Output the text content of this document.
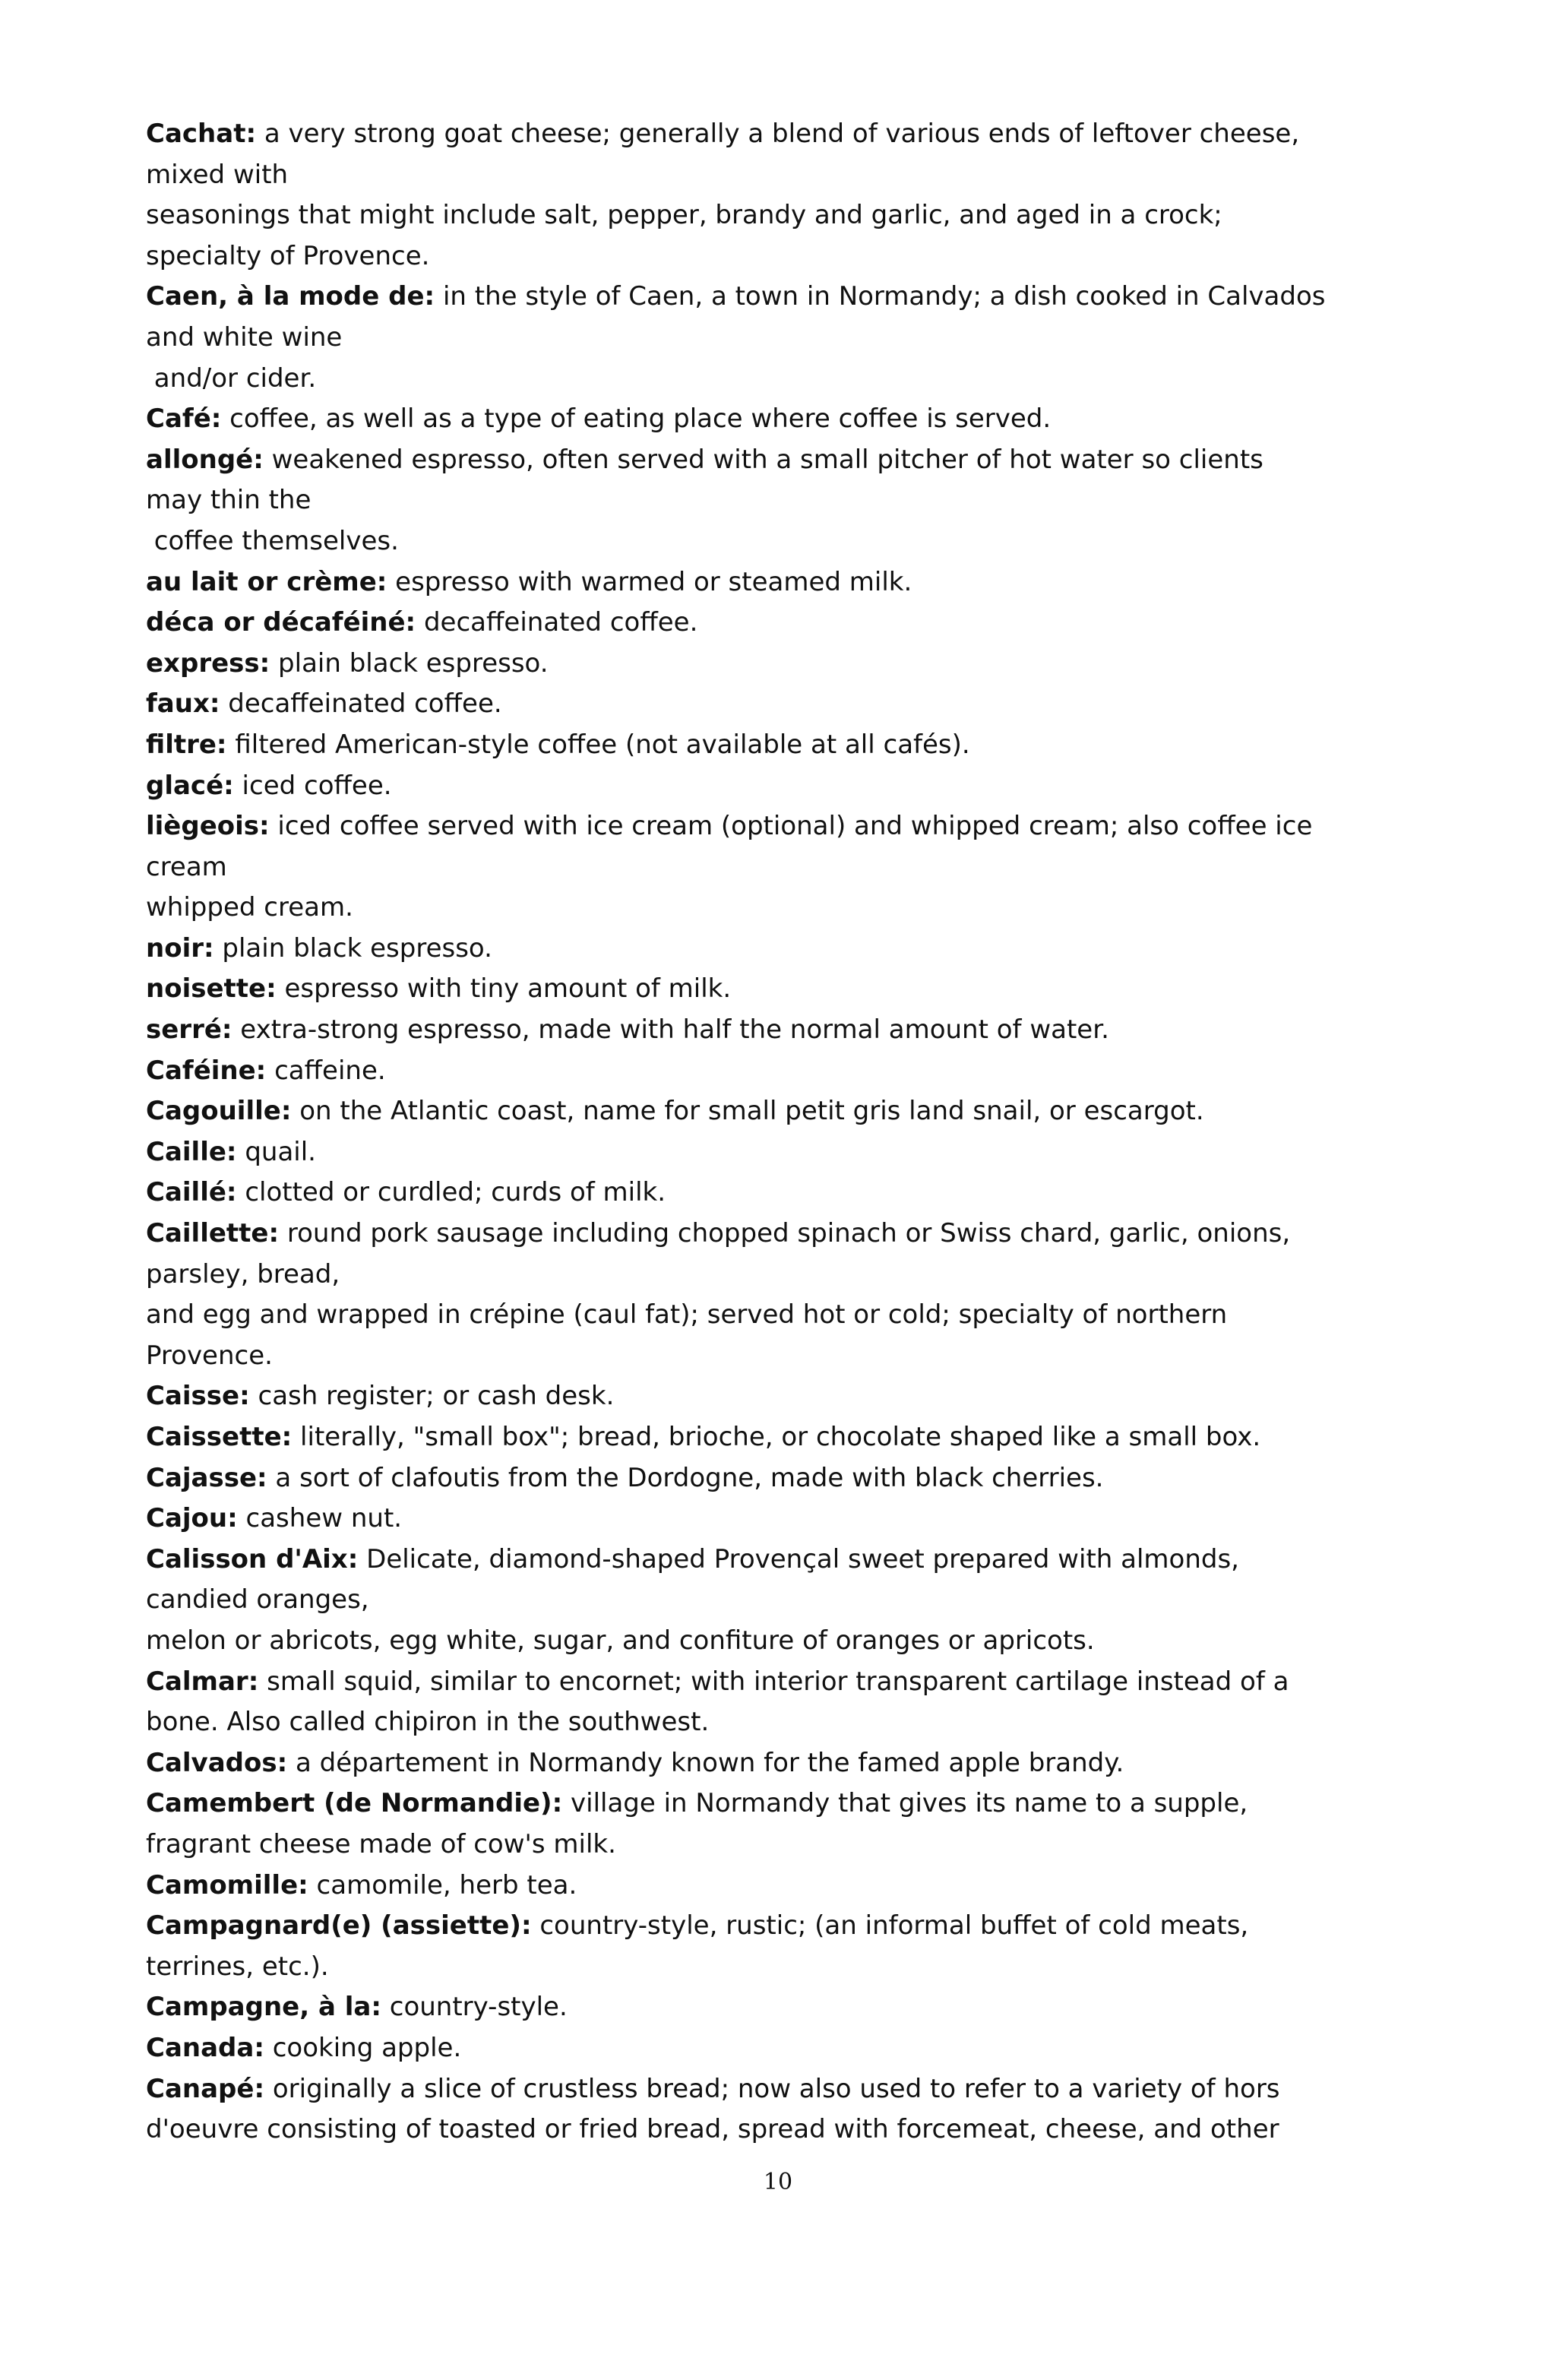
Cachat: a very strong goat cheese; generally a blend of various ends of leftover cheese,
mixed with
seasonings that might include salt, pepper, brandy and garlic, and aged in a crock;
specialty of Provence.
Caen, à la mode de: in the style of Caen, a town in Normandy; a dish cooked in Calvados
and white wine
and/or cider.
Café: coffee, as well as a type of eating place where coffee is served.
allongé: weakened espresso, often served with a small pitcher of hot water so clients
may thin the
coffee themselves.
au lait or crème: espresso with warmed or steamed milk.
déca or décaféiné: decaffeinated coffee.
express: plain black espresso.
faux: decaffeinated coffee.
filtre: filtered American-style coffee (not available at all cafés).
glacé: iced coffee.
liègeois: iced coffee served with ice cream (optional) and whipped cream; also coffee ice
cream
whipped cream.
noir: plain black espresso.
noisette: espresso with tiny amount of milk.
serré: extra-strong espresso, made with half the normal amount of water.
Caféine: caffeine.
Cagouille: on the Atlantic coast, name for small petit gris land snail, or escargot.
Caille: quail.
Caillé: clotted or curdled; curds of milk.
Caillette: round pork sausage including chopped spinach or Swiss chard, garlic, onions,
parsley, bread,
and egg and wrapped in crépine (caul fat); served hot or cold; specialty of northern
Provence.
Caisse: cash register; or cash desk.
Caissette: literally, "small box"; bread, brioche, or chocolate shaped like a small box.
Cajasse: a sort of clafoutis from the Dordogne, made with black cherries.
Cajou: cashew nut.
Calisson d'Aix: Delicate, diamond-shaped Provençal sweet prepared with almonds,
candied oranges,
melon or abricots, egg white, sugar, and confiture of oranges or apricots.
Calmar: small squid, similar to encornet; with interior transparent cartilage instead of a
bone. Also called chipiron in the southwest.
Calvados: a département in Normandy known for the famed apple brandy.
Camembert (de Normandie): village in Normandy that gives its name to a supple,
fragrant cheese made of cow's milk.
Camomille: camomile, herb tea.
Campagnard(e) (assiette): country-style, rustic; (an informal buffet of cold meats,
terrines, etc.).
Campagne, à la: country-style.
Canada: cooking apple.
Canapé: originally a slice of crustless bread; now also used to refer to a variety of hors
d'oeuvre consisting of toasted or fried bread, spread with forcemeat, cheese, and other
10
